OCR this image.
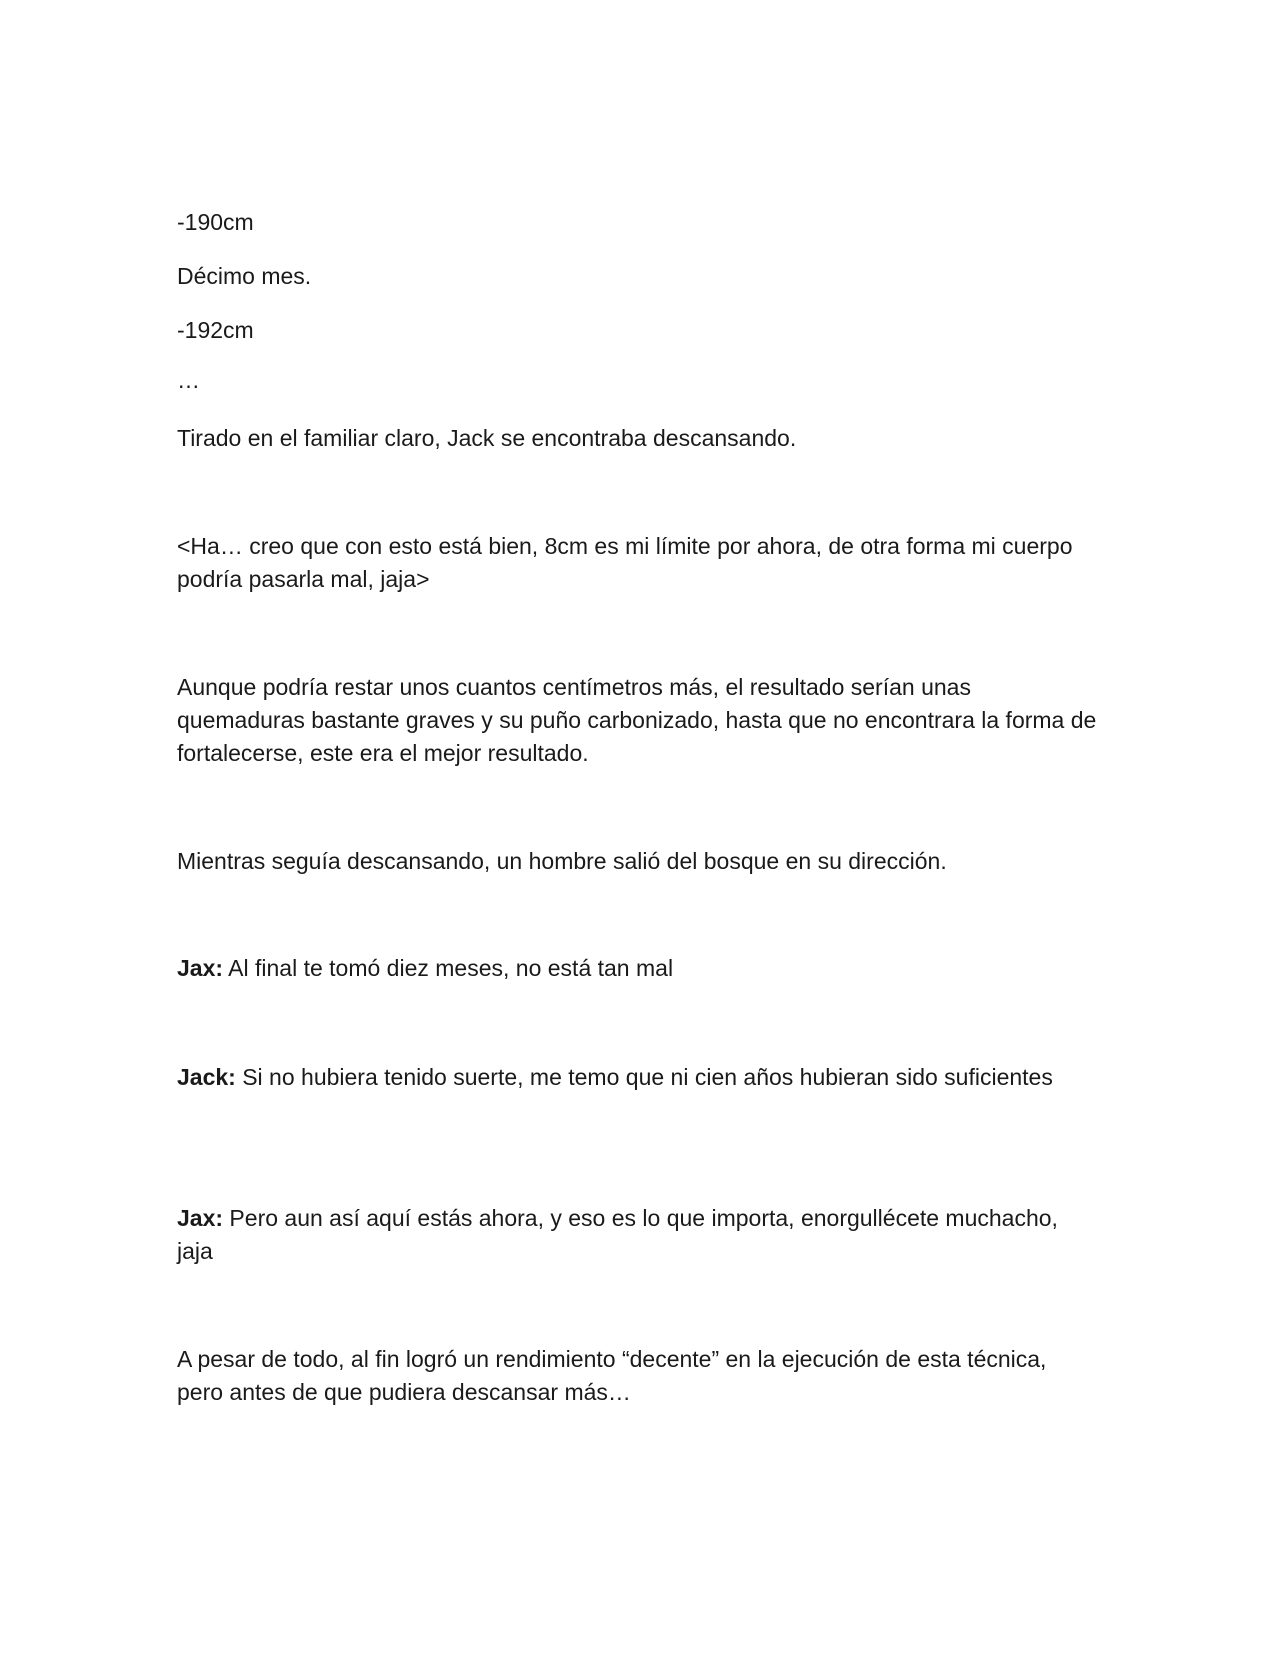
-190cm

Décimo mes.

-192cm

…

Tirado en el familiar claro, Jack se encontraba descansando.

<Ha… creo que con esto está bien, 8cm es mi límite por ahora, de otra forma mi cuerpo podría pasarla mal, jaja>

Aunque podría restar unos cuantos centímetros más, el resultado serían unas quemaduras bastante graves y su puño carbonizado, hasta que no encontrara la forma de fortalecerse, este era el mejor resultado.

Mientras seguía descansando, un hombre salió del bosque en su dirección.

Jax: Al final te tomó diez meses, no está tan mal

Jack: Si no hubiera tenido suerte, me temo que ni cien años hubieran sido suficientes

Jax: Pero aun así aquí estás ahora, y eso es lo que importa, enorgullécete muchacho, jaja

A pesar de todo, al fin logró un rendimiento “decente” en la ejecución de esta técnica, pero antes de que pudiera descansar más…
